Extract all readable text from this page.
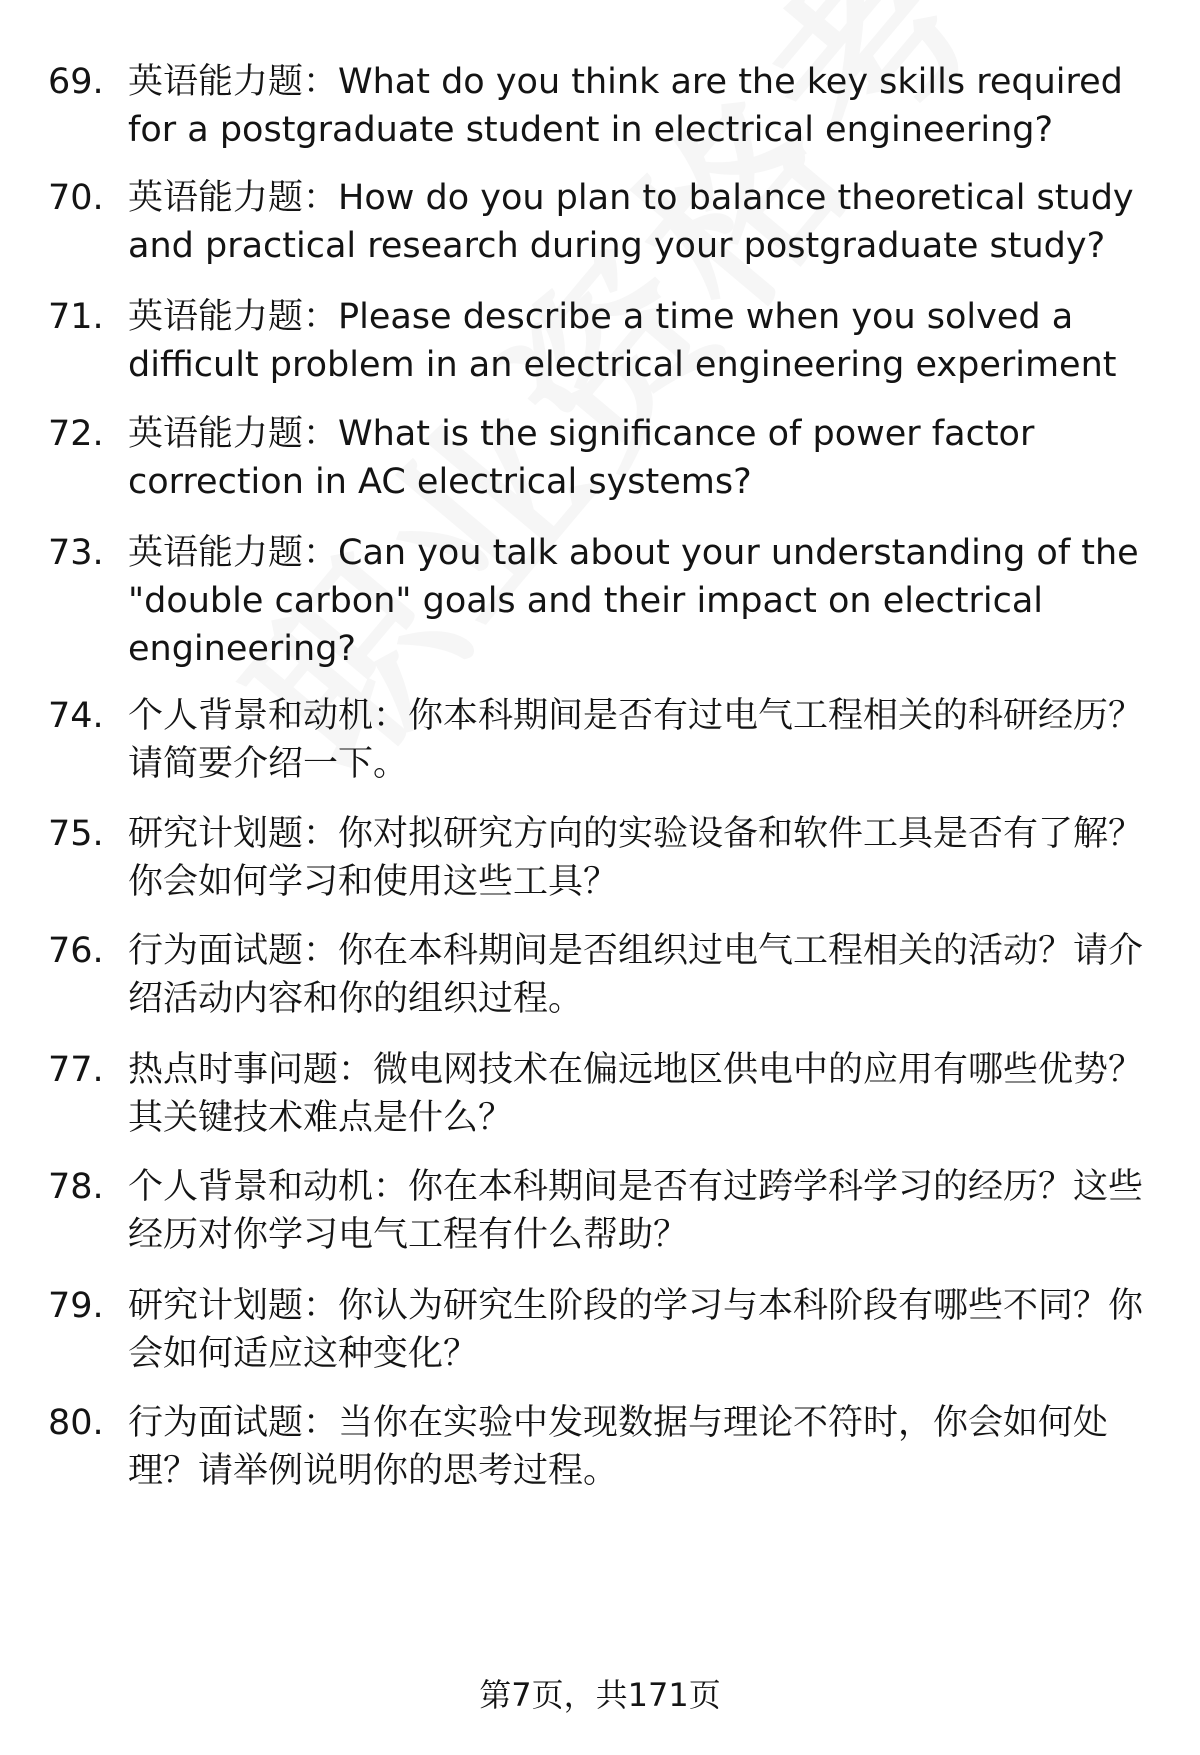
69. 英语能力题：What do you think are the key skills required for a postgraduate student in electrical engineering?
70. 英语能力题：How do you plan to balance theoretical study and practical research during your postgraduate study?
71. 英语能力题：Please describe a time when you solved a difficult problem in an electrical engineering experiment
72. 英语能力题：What is the significance of power factor correction in AC electrical systems?
73. 英语能力题：Can you talk about your understanding of the "double carbon" goals and their impact on electrical engineering?
74. 个人背景和动机：你本科期间是否有过电气工程相关的科研经历？请简要介绍一下。
75. 研究计划题：你对拟研究方向的实验设备和软件工具是否有了解？你会如何学习和使用这些工具？
76. 行为面试题：你在本科期间是否组织过电气工程相关的活动？请介绍活动内容和你的组织过程。
77. 热点时事问题：微电网技术在偏远地区供电中的应用有哪些优势？其关键技术难点是什么？
78. 个人背景和动机：你在本科期间是否有过跨学科学习的经历？这些经历对你学习电气工程有什么帮助？
79. 研究计划题：你认为研究生阶段的学习与本科阶段有哪些不同？你会如何适应这种变化？
80. 行为面试题：当你在实验中发现数据与理论不符时，你会如何处理？请举例说明你的思考过程。
第7页，共171页
